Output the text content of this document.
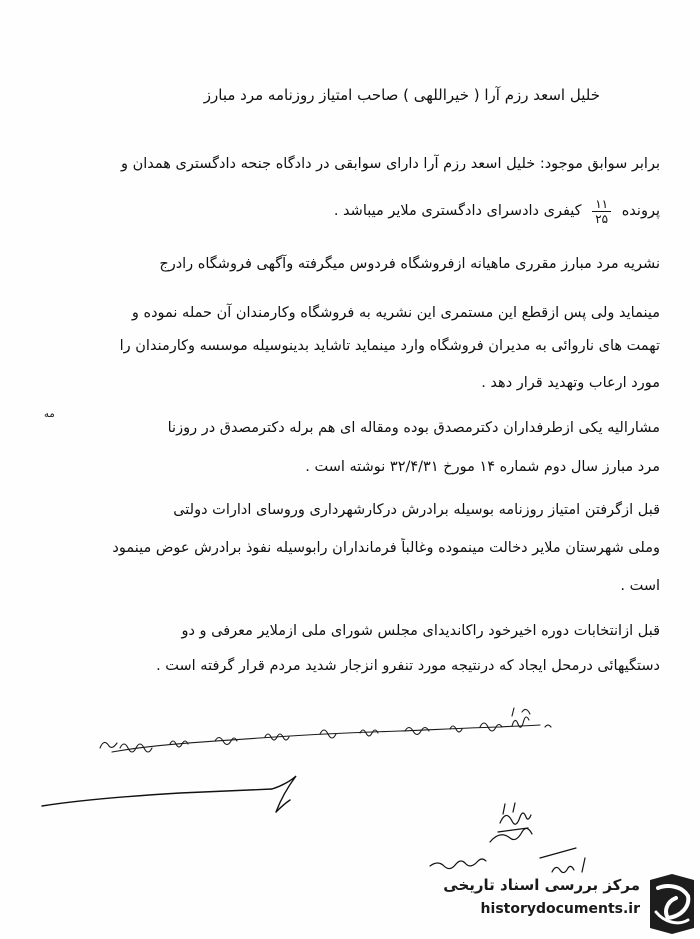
خلیل اسعد رزم آرا ( خیراللهی ) صاحب امتیاز روزنامه مرد مبارز
برابر سوابق موجود: خلیل اسعد رزم آرا دارای سوابقی در دادگاه جنحه دادگستری همدان و
پرونده
$\frac{۱۱}{۲۵}$
کیفری دادسرای دادگستری ملایر میباشد .
نشریه مرد مبارز مقرری ماهیانه ازفروشگاه فردوس میگرفته وآگهی فروشگاه رادرج
مینماید ولی پس ازقطع این مستمری این نشریه به فروشگاه وکارمندان آن حمله نموده و
تهمت های ناروائی به مدیران فروشگاه وارد مینماید تاشاید بدینوسیله موسسه وکارمندان را
مورد ارعاب وتهدید قرار دهد .
مشارالیه یکی ازطرفداران دکترمصدق بوده ومقاله ای هم برله دکترمصدق در روزنا
مه
مرد مبارز سال دوم شماره ۱۴ مورخ ۳۲/۴/۳۱ نوشته است .
قبل ازگرفتن امتیاز روزنامه بوسیله برادرش درکارشهرداری وروسای ادارات دولتی
وملی شهرستان ملایر دخالت مینموده وغالباً فرمانداران رابوسیله نفوذ برادرش عوض مینمود
است .
قبل ازانتخابات دوره اخیرخود راکاندیدای مجلس شورای ملی ازملایر معرفی و دو
دستگیهائی درمحل ایجاد که درنتیجه مورد تنفرو انزجار شدید مردم قرار گرفته است .
مرکز بررسی اسناد تاریخی
historydocuments.ir
